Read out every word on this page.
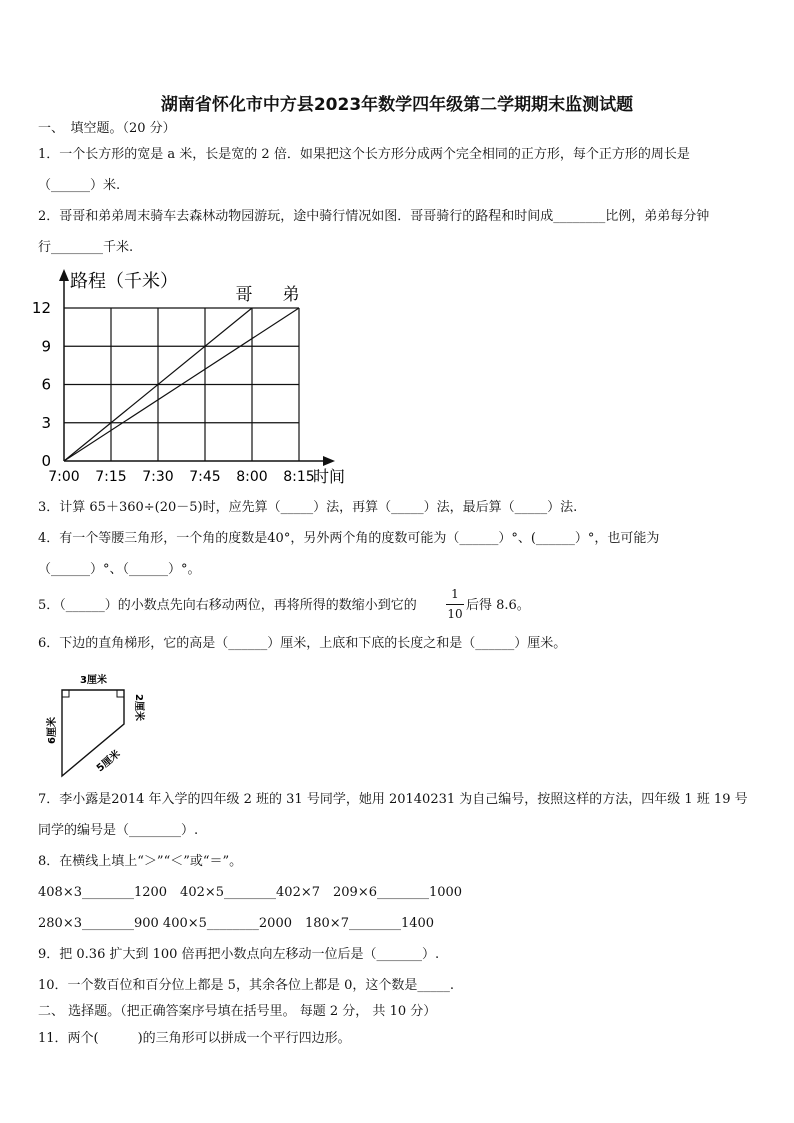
湖南省怀化市中方县2023年数学四年级第二学期期末监测试题
一、　填空题。（20 分）
1．一个长方形的宽是 a 米，长是宽的 2 倍．如果把这个长方形分成两个完全相同的正方形，每个正方形的周长是
（______）米.
2．哥哥和弟弟周末骑车去森林动物园游玩，途中骑行情况如图．哥哥骑行的路程和时间成________比例，弟弟每分钟
行________千米.
0
3
6
9
12
7:00 7:15 7:30 7:45 8:00 8:15
路程（千米）
时间
哥 弟
3．计算 65＋360÷(20－5)时，应先算（_____）法，再算（_____）法，最后算（_____）法.
4．有一个等腰三角形，一个角的度数是40°，另外两个角的度数可能为（______）°、(______）°，也可能为
（______）°、（______）°。
5．（______）的小数点先向右移动两位，再将所得的数缩小到它的
1
10
后得 8.6。
6．下边的直角梯形，它的高是（______）厘米，上底和下底的长度之和是（______）厘米。
3厘米
6厘米
2厘米
5厘米
7．李小露是2014 年入学的四年级 2 班的 31 号同学，她用 20140231 为自己编号，按照这样的方法，四年级 1 班 19 号
同学的编号是（________）.
8．在横线上填上“＞”“＜”或“＝”。
408×3________1200　402×5________402×7　209×6________1000
280×3________900 400×5________2000　180×7________1400
9．把 0.36 扩大到 100 倍再把小数点向左移动一位后是（_______）.
10．一个数百位和百分位上都是 5，其余各位上都是 0，这个数是_____.
二、 选择题。（把正确答案序号填在括号里。 每题 2 分， 共 10 分）
11．两个(　　　)的三角形可以拼成一个平行四边形。
